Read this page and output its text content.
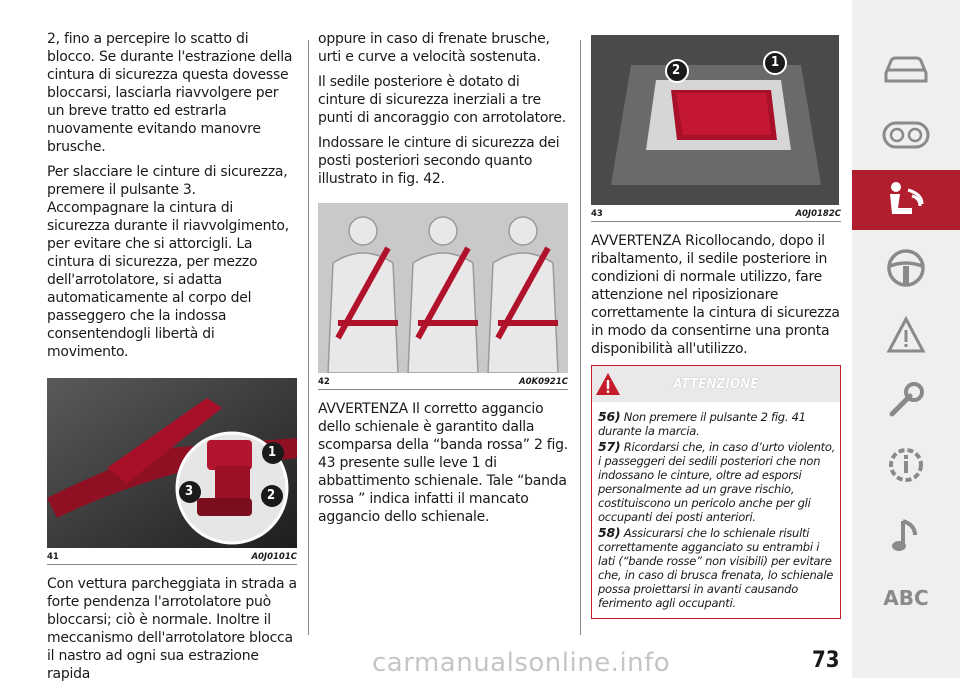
2, fino a percepire lo scatto di blocco. Se durante l'estrazione della cintura di sicurezza questa dovesse bloccarsi, lasciarla riavvolgere per un breve tratto ed estrarla nuovamente evitando manovre brusche.

Per slacciare le cinture di sicurezza, premere il pulsante 3. Accompagnare la cintura di sicurezza durante il riavvolgimento, per evitare che si attorcigli. La cintura di sicurezza, per mezzo dell'arrotolatore, si adatta automaticamente al corpo del passeggero che la indossa consentendogli libertà di movimento.

1
2
3
41	A0J0101C

Con vettura parcheggiata in strada a forte pendenza l'arrotolatore può bloccarsi; ciò è normale. Inoltre il meccanismo dell'arrotolatore blocca il nastro ad ogni sua estrazione rapida

oppure in caso di frenate brusche, urti e curve a velocità sostenuta.

Il sedile posteriore è dotato di cinture di sicurezza inerziali a tre punti di ancoraggio con arrotolatore.

Indossare le cinture di sicurezza dei posti posteriori secondo quanto illustrato in fig. 42.

42	A0K0921C

AVVERTENZA Il corretto aggancio dello schienale è garantito dalla scomparsa della “banda rossa” 2 fig. 43 presente sulle leve 1 di abbattimento schienale. Tale “banda rossa ” indica infatti il mancato aggancio dello schienale.

2
1
43	A0J0182C

AVVERTENZA Ricollocando, dopo il ribaltamento, il sedile posteriore in condizioni di normale utilizzo, fare attenzione nel riposizionare correttamente la cintura di sicurezza in modo da consentirne una pronta disponibilità all'utilizzo.

ATTENZIONE

56) Non premere il pulsante 2 fig. 41 durante la marcia.

57) Ricordarsi che, in caso d’urto violento, i passeggeri dei sedili posteriori che non indossano le cinture, oltre ad esporsi personalmente ad un grave rischio, costituiscono un pericolo anche per gli occupanti dei posti anteriori.

58) Assicurarsi che lo schienale risulti correttamente agganciato su entrambi i lati (“bande rosse” non visibili) per evitare che, in caso di brusca frenata, lo schienale possa proiettarsi in avanti causando ferimento agli occupanti.

carmanualsonline.info	73
ABC
